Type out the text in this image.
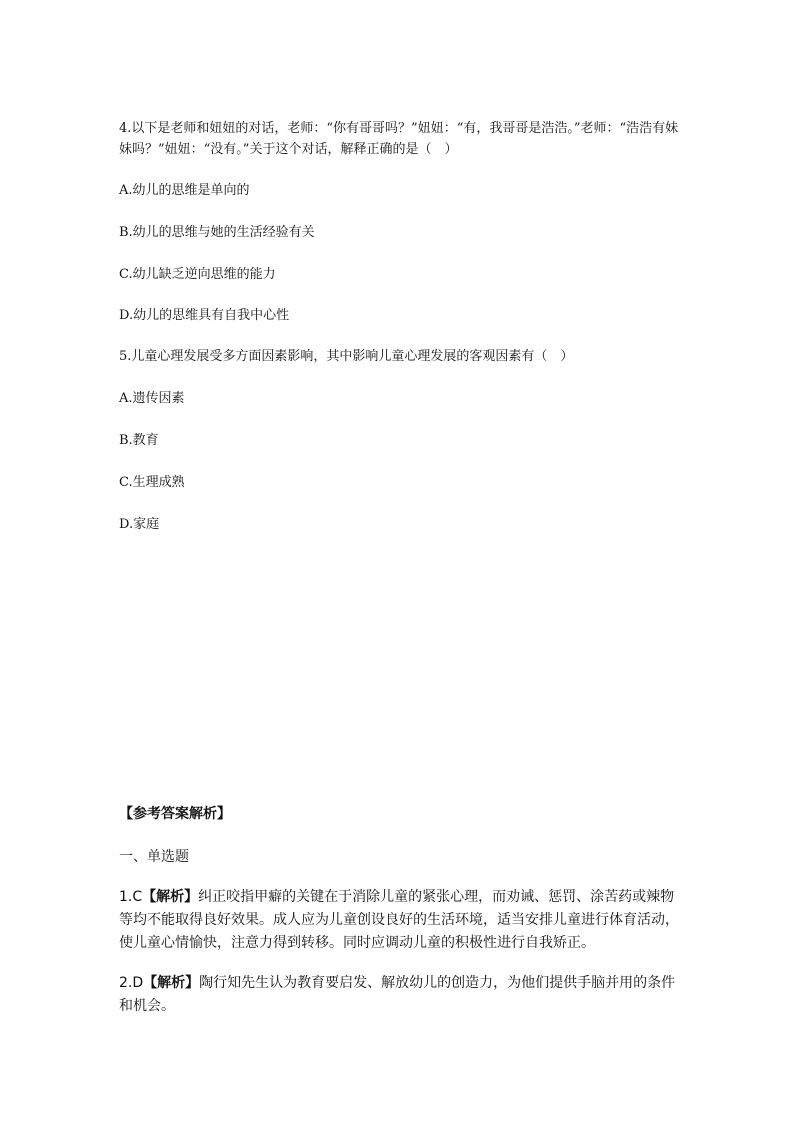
4.以下是老师和妞妞的对话，老师：“你有哥哥吗？”妞妞：“有，我哥哥是浩浩。”老师：“浩浩有妹妹吗？”妞妞：“没有。”关于这个对话，解释正确的是（　）
A.幼儿的思维是单向的
B.幼儿的思维与她的生活经验有关
C.幼儿缺乏逆向思维的能力
D.幼儿的思维具有自我中心性
5.儿童心理发展受多方面因素影响，其中影响儿童心理发展的客观因素有（　）
A.遗传因素
B.教育
C.生理成熟
D.家庭
【参考答案解析】
一、单选题
1.C【解析】纠正咬指甲癖的关键在于消除儿童的紧张心理，而劝诫、惩罚、涂苦药或辣物等均不能取得良好效果。成人应为儿童创设良好的生活环境，适当安排儿童进行体育活动，使儿童心情愉快，注意力得到转移。同时应调动儿童的积极性进行自我矫正。
2.D【解析】陶行知先生认为教育要启发、解放幼儿的创造力，为他们提供手脑并用的条件和机会。
